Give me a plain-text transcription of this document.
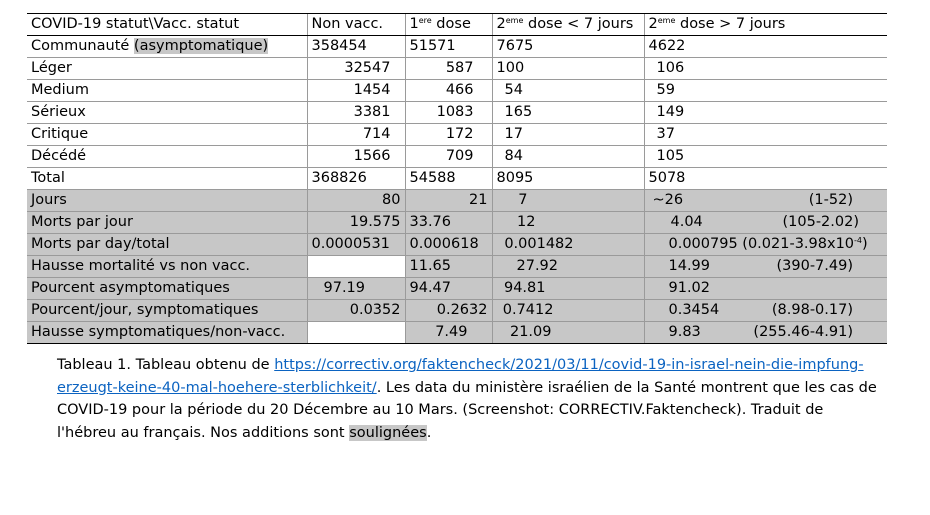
COVID-19 statut\Vacc. statut	Non vacc.	1ere dose	2eme dose < 7 jours	2eme dose > 7 jours
Communauté (asymptomatique)	358454	51571	7675	4622
Léger	32547	587	100	106
Medium	1454	466	54	59
Sérieux	3381	1083	165	149
Critique	714	172	17	37
Décédé	1566	709	84	105
Total	368826	54588	8095	5078
Jours	80	21	7	~26 (1-52)

Morts par jour	19.575	33.76	12	4.04 (105-2.02)

Morts par day/total	0.0000531	0.000618	0.001482	0.000795 $(0.021-3.98x10^{-4})$
Hausse mortalité vs non vacc.		11.65	27.92	14.99 (390-7.49)

Pourcent asymptomatiques	97.19	94.47	94.81	91.02
Pourcent/jour, symptomatiques	0.0352	0.2632	0.7412	0.3454 (8.98-0.17)

Hausse symptomatiques/non-vacc.		7.49	21.09	9.83 (255.46-4.91)
Tableau 1. Tableau obtenu de https://correctiv.org/faktencheck/2021/03/11/covid-19-in-israel-nein-die-impfung-erzeugt-keine-40-mal-hoehere-sterblichkeit/. Les data du ministère israélien de la Santé montrent que les cas de COVID-19 pour la période du 20 Décembre au 10 Mars. (Screenshot: CORRECTIV.Faktencheck). Traduit de l'hébreu au français. Nos additions sont soulignées.
